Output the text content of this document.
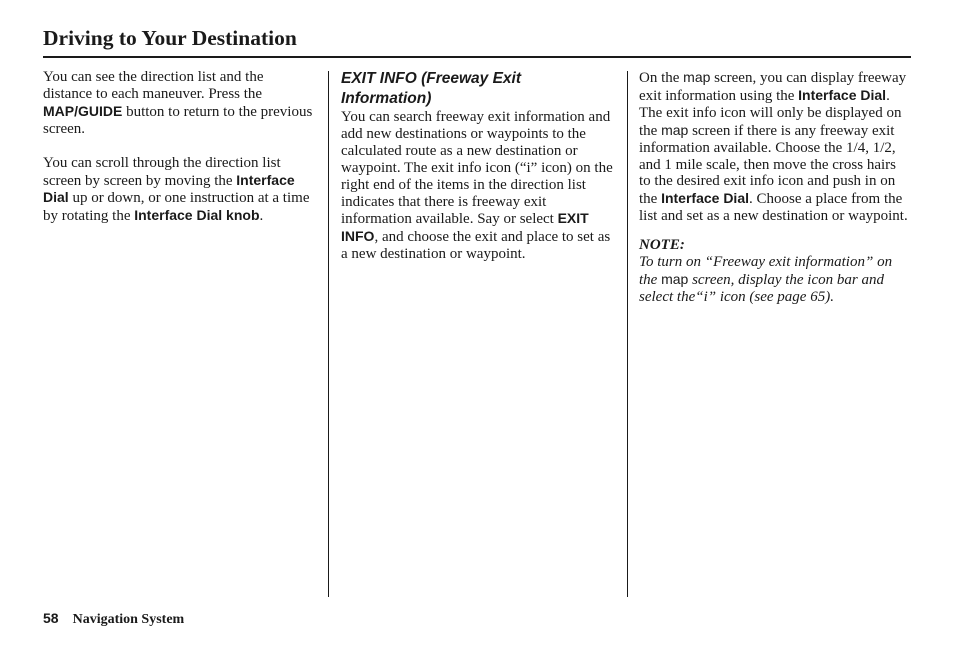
Driving to Your Destination

You can see the direction list and the distance to each maneuver. Press the MAP/GUIDE button to return to the previous screen.

You can scroll through the direction list screen by screen by moving the Interface Dial up or down, or one instruction at a time by rotating the Interface Dial knob.

EXIT INFO (Freeway Exit Information)

You can search freeway exit information and add new destinations or waypoints to the calculated route as a new destination or waypoint. The exit info icon (“i” icon) on the right end of the items in the direction list indicates that there is freeway exit information available. Say or select EXIT INFO, and choose the exit and place to set as a new destination or waypoint.

On the map screen, you can display freeway exit information using the Interface Dial. The exit info icon will only be displayed on the map screen if there is any freeway exit information available. Choose the 1/4, 1/2, and 1 mile scale, then move the cross hairs to the desired exit info icon and push in on the Interface Dial. Choose a place from the list and set as a new destination or waypoint.

NOTE:

To turn on “Freeway exit information” on the map screen, display the icon bar and select the“i” icon (see page 65).

58 Navigation System
